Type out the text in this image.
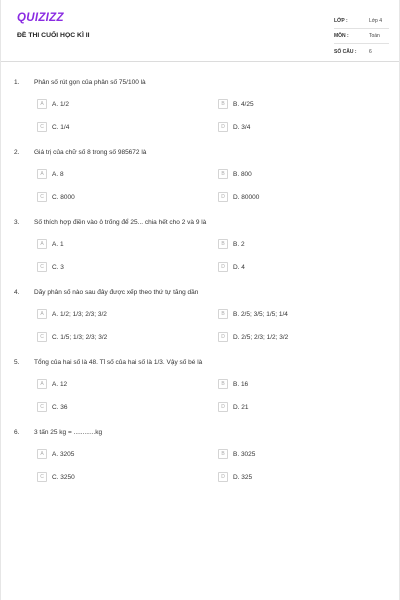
QUIZIZZ
ĐỀ THI CUỐI HỌC KÌ II
LỚP :	Lớp 4
MÔN :	Toán
SỐ CÂU :	6
1. Phân số rút gọn của phân số 75/100 là
A	A. 1/2	B	B. 4/25
C	C. 1/4	D	D. 3/4
2. Giá trị của chữ số 8 trong số 985672 là
A	A. 8	B	B. 800
C	C. 8000	D	D. 80000
3. Số thích hợp điền vào ô trống để 25... chia hết cho 2 và 9 là
A	A. 1	B	B. 2
C	C. 3	D	D. 4
4. Dãy phân số nào sau đây được xếp theo thứ tự tăng dần
A	A. 1/2; 1/3; 2/3; 3/2	B	B. 2/5; 3/5; 1/5; 1/4
C	C. 1/5; 1/3; 2/3; 3/2	D	D. 2/5; 2/3; 1/2; 3/2
5. Tổng của hai số là 48. Tỉ số của hai số là 1/3. Vậy số bé là
A	A. 12	B	B. 16
C	C. 36	D	D. 21
6. 3 tấn 25 kg = ............kg
A	A. 3205	B	B. 3025
C	C. 3250	D	D. 325
